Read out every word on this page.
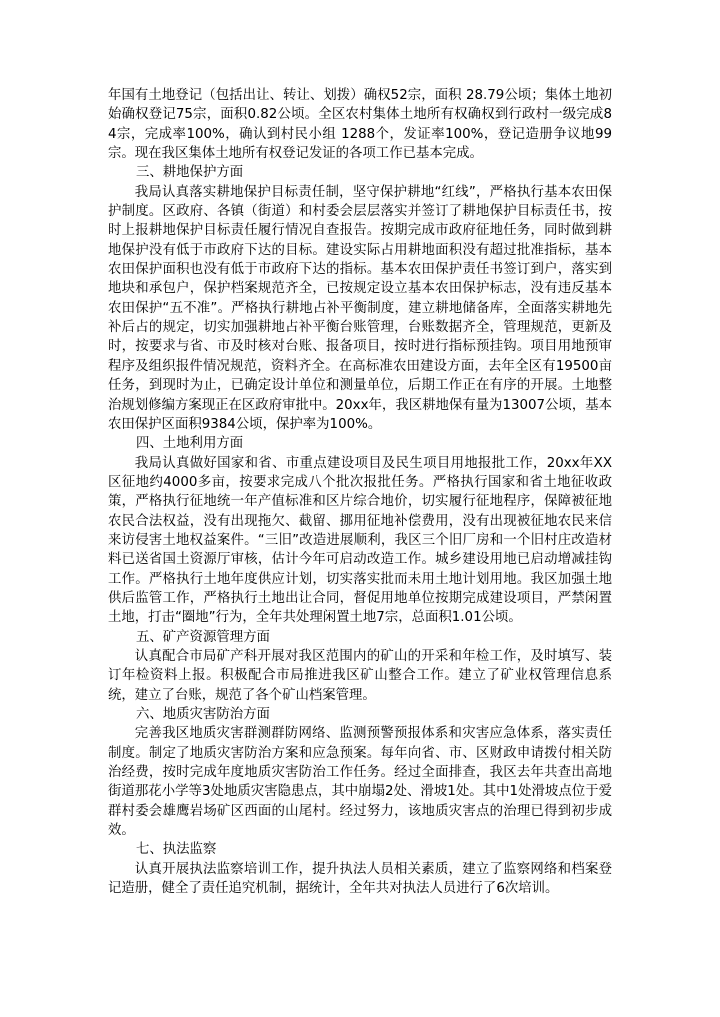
年国有土地登记（包括出让、转让、划拨）确权52宗，面积 28.79公顷；集体土地初始确权登记75宗，面积0.82公顷。全区农村集体土地所有权确权到行政村一级完成84宗，完成率100%，确认到村民小组 1288个，发证率100%，登记造册争议地99宗。现在我区集体土地所有权登记发证的各项工作已基本完成。

三、耕地保护方面

我局认真落实耕地保护目标责任制，坚守保护耕地“红线”，严格执行基本农田保护制度。区政府、各镇（街道）和村委会层层落实并签订了耕地保护目标责任书，按时上报耕地保护目标责任履行情况自查报告。按期完成市政府征地任务，同时做到耕地保护没有低于市政府下达的目标。建设实际占用耕地面积没有超过批准指标，基本农田保护面积也没有低于市政府下达的指标。基本农田保护责任书签订到户，落实到地块和承包户，保护档案规范齐全，已按规定设立基本农田保护标志，没有违反基本农田保护“五不准”。严格执行耕地占补平衡制度，建立耕地储备库，全面落实耕地先补后占的规定，切实加强耕地占补平衡台账管理，台账数据齐全，管理规范，更新及时，按要求与省、市及时核对台账、报备项目，按时进行指标预挂钩。项目用地预审程序及组织报件情况规范，资料齐全。在高标准农田建设方面，去年全区有19500亩任务，到现时为止，已确定设计单位和测量单位，后期工作正在有序的开展。土地整治规划修编方案现正在区政府审批中。20xx年，我区耕地保有量为13007公顷，基本农田保护区面积9384公顷，保护率为100%。

四、土地利用方面

我局认真做好国家和省、市重点建设项目及民生项目用地报批工作，20xx年XX区征地约4000多亩，按要求完成八个批次报批任务。严格执行国家和省土地征收政策，严格执行征地统一年产值标准和区片综合地价，切实履行征地程序，保障被征地农民合法权益，没有出现拖欠、截留、挪用征地补偿费用，没有出现被征地农民来信来访侵害土地权益案件。“三旧”改造进展顺利，我区三个旧厂房和一个旧村庄改造材料已送省国土资源厅审核，估计今年可启动改造工作。城乡建设用地已启动增减挂钩工作。严格执行土地年度供应计划，切实落实批而未用土地计划用地。我区加强土地供后监管工作，严格执行土地出让合同，督促用地单位按期完成建设项目，严禁闲置土地，打击“圈地”行为，全年共处理闲置土地7宗，总面积1.01公顷。

五、矿产资源管理方面

认真配合市局矿产科开展对我区范围内的矿山的开采和年检工作，及时填写、装订年检资料上报。积极配合市局推进我区矿山整合工作。建立了矿业权管理信息系统，建立了台账，规范了各个矿山档案管理。

六、地质灾害防治方面

完善我区地质灾害群测群防网络、监测预警预报体系和灾害应急体系，落实责任制度。制定了地质灾害防治方案和应急预案。每年向省、市、区财政申请拨付相关防治经费，按时完成年度地质灾害防治工作任务。经过全面排查，我区去年共查出高地街道那花小学等3处地质灾害隐患点，其中崩塌2处、滑坡1处。其中1处滑坡点位于爱群村委会雄鹰岩场矿区西面的山尾村。经过努力，该地质灾害点的治理已得到初步成效。

七、执法监察

认真开展执法监察培训工作，提升执法人员相关素质，建立了监察网络和档案登记造册，健全了责任追究机制，据统计，全年共对执法人员进行了6次培训。
